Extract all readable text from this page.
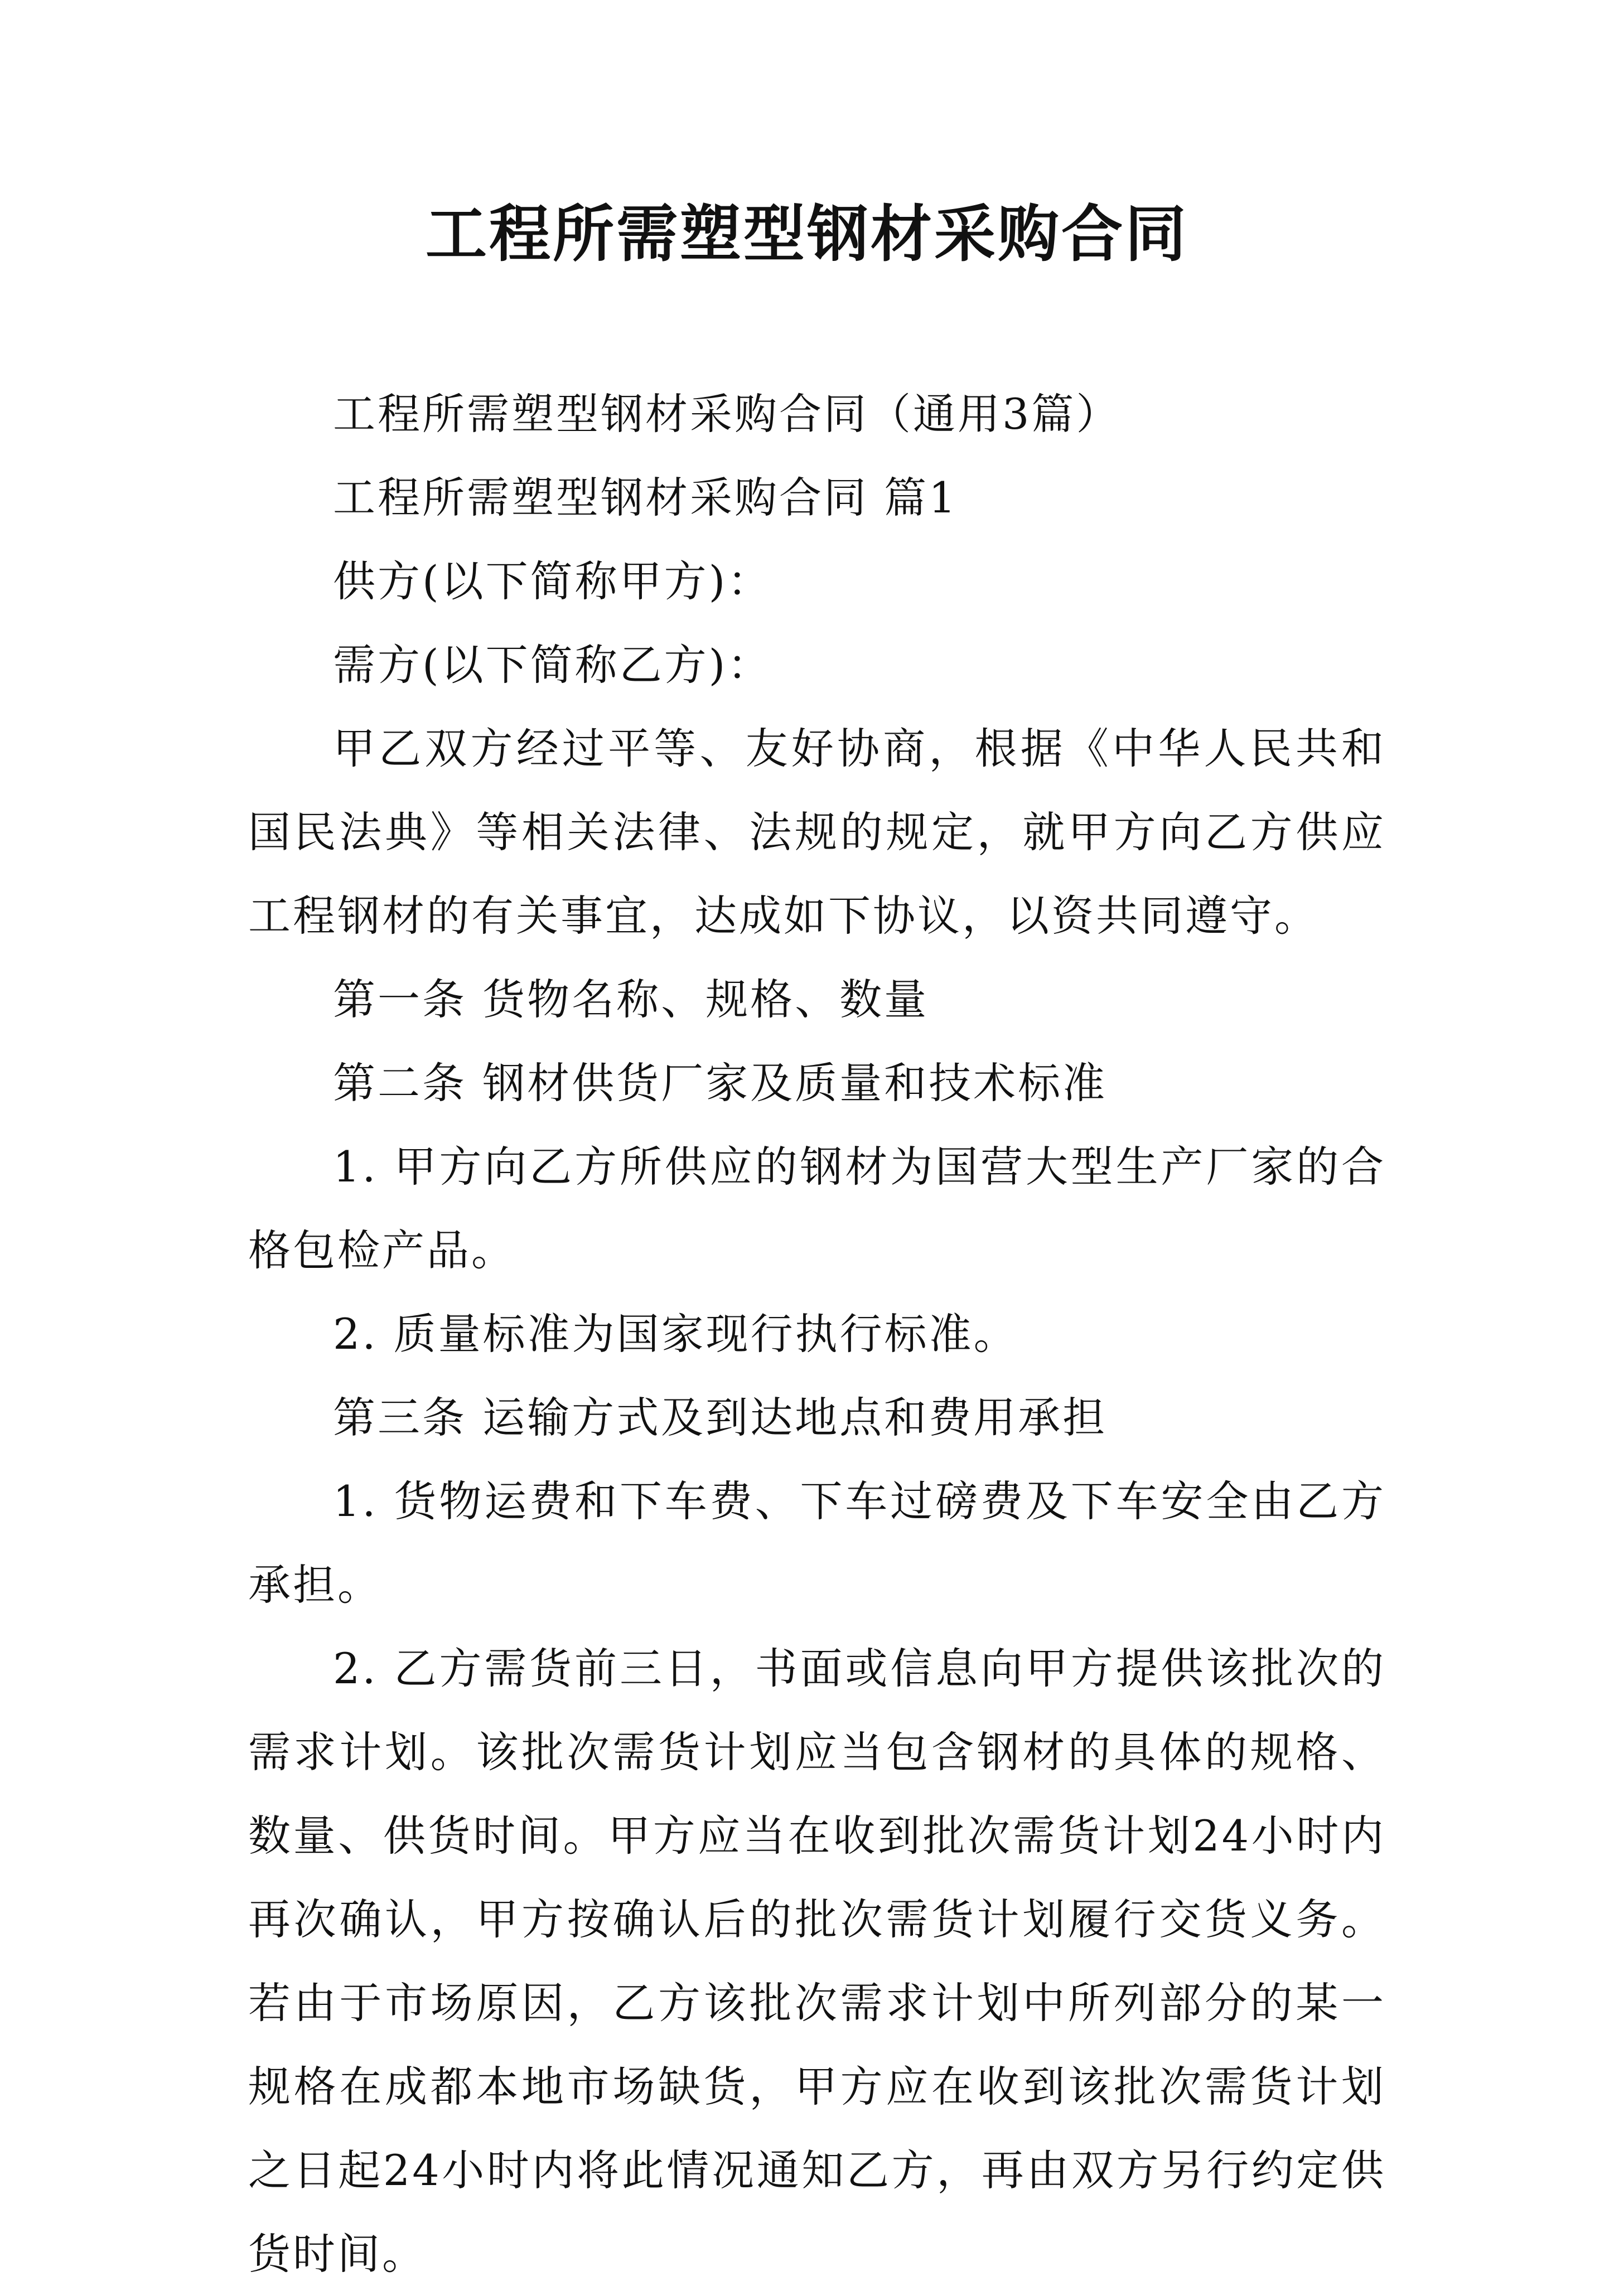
工程所需塑型钢材采购合同

工程所需塑型钢材采购合同（通用3篇）

工程所需塑型钢材采购合同 篇1

供方(以下简称甲方)：

需方(以下简称乙方)：

甲乙双方经过平等、友好协商，根据《中华人民共和国民法典》等相关法律、法规的规定，就甲方向乙方供应 工程钢材的有关事宜，达成如下协议，以资共同遵守。

第一条 货物名称、规格、数量

第二条 钢材供货厂家及质量和技术标准

1. 甲方向乙方所供应的钢材为国营大型生产厂家的合格包检产品。

2. 质量标准为国家现行执行标准。

第三条 运输方式及到达地点和费用承担

1. 货物运费和下车费、下车过磅费及下车安全由乙方承担。

2. 乙方需货前三日，书面或信息向甲方提供该批次的需求计划。该批次需货计划应当包含钢材的具体的规格、数量、供货时间。甲方应当在收到批次需货计划24小时内再次确认，甲方按确认后的批次需货计划履行交货义务。若由于市场原因，乙方该批次需求计划中所列部分的某一规格在成都本地市场缺货，甲方应在收到该批次需货计划之日起24小时内将此情况通知乙方，再由双方另行约定供货时间。
